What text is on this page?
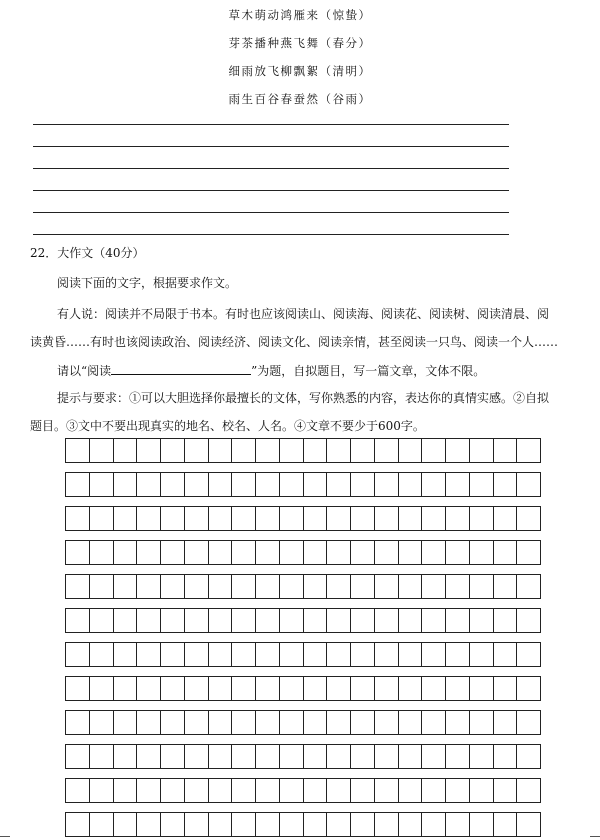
草木萌动鸿雁来（惊蛰）
芽茶播种燕飞舞（春分）
细雨放飞柳飘絮（清明）
雨生百谷春蚕然（谷雨）
22．大作文（40分）
阅读下面的文字，根据要求作文。
有人说：阅读并不局限于书本。有时也应该阅读山、阅读海、阅读花、阅读树、阅读清晨、阅
读黄昏……有时也该阅读政治、阅读经济、阅读文化、阅读亲情，甚至阅读一只鸟、阅读一个人……
请以“阅读	”为题，自拟题目，写一篇文章，文体不限。
提示与要求：①可以大胆选择你最擅长的文体，写你熟悉的内容，表达你的真情实感。②自拟
题目。③文中不要出现真实的地名、校名、人名。④文章不要少于600字。
